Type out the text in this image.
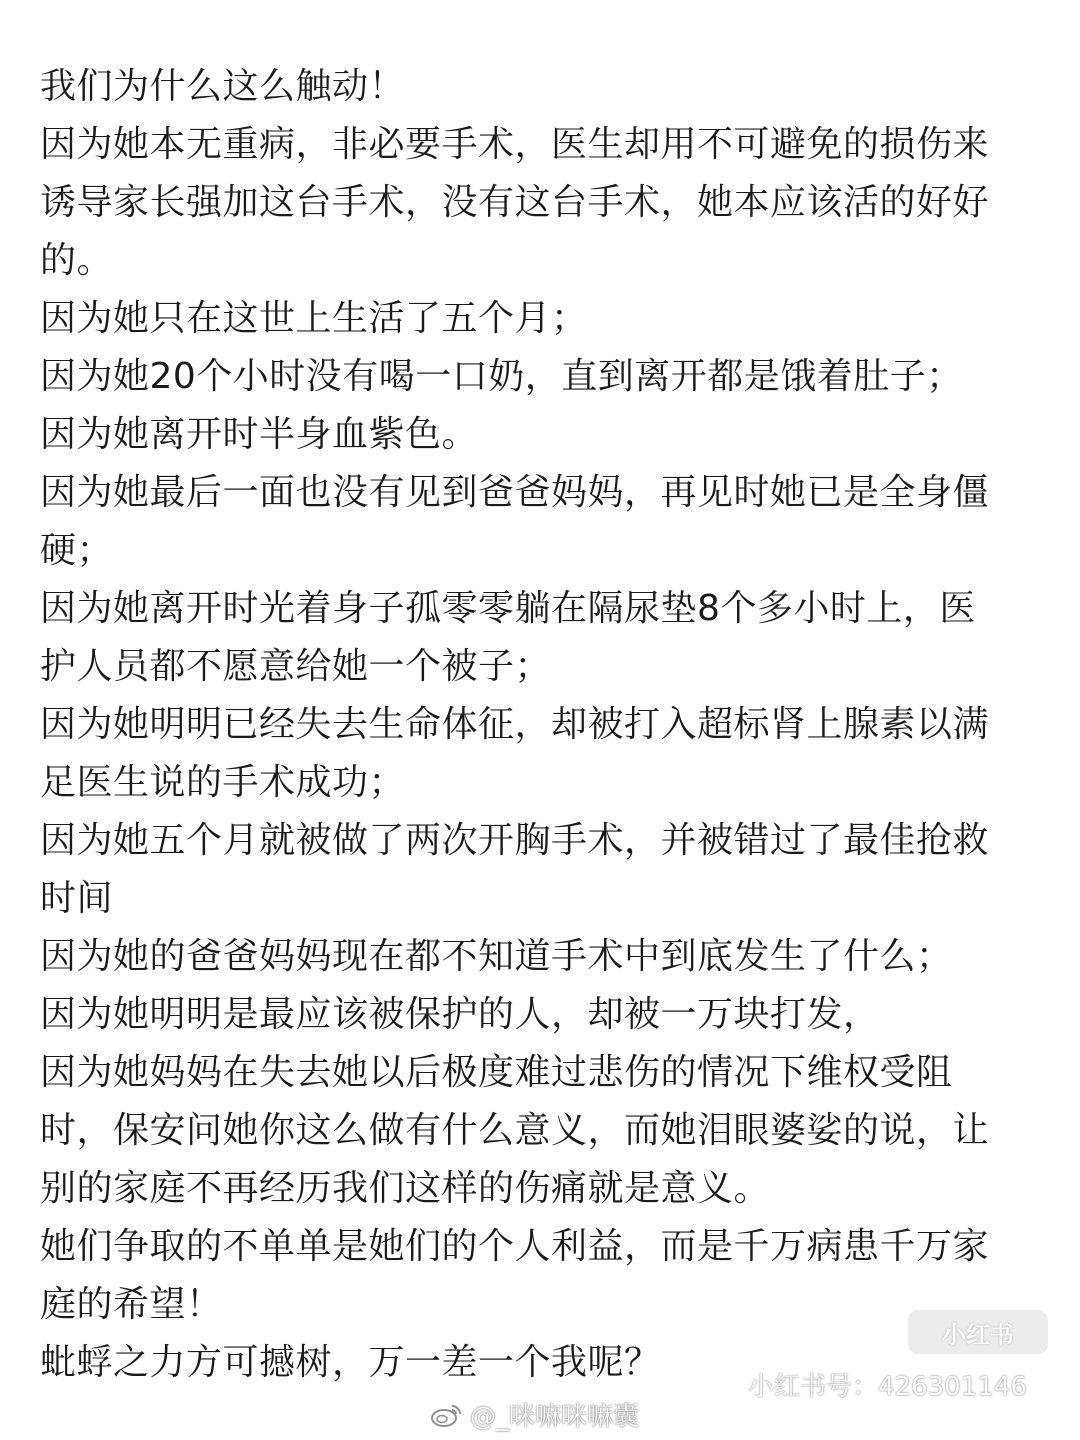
我们为什么这么触动！
因为她本无重病，非必要手术，医生却用不可避免的损伤来
诱导家长强加这台手术，没有这台手术，她本应该活的好好
的。
因为她只在这世上生活了五个月；
因为她20个小时没有喝一口奶，直到离开都是饿着肚子；
因为她离开时半身血紫色。
因为她最后一面也没有见到爸爸妈妈，再见时她已是全身僵
硬；
因为她离开时光着身子孤零零躺在隔尿垫8个多小时上，医
护人员都不愿意给她一个被子；
因为她明明已经失去生命体征，却被打入超标肾上腺素以满
足医生说的手术成功；
因为她五个月就被做了两次开胸手术，并被错过了最佳抢救
时间
因为她的爸爸妈妈现在都不知道手术中到底发生了什么；
因为她明明是最应该被保护的人，却被一万块打发，
因为她妈妈在失去她以后极度难过悲伤的情况下维权受阻
时，保安问她你这么做有什么意义，而她泪眼婆娑的说，让
别的家庭不再经历我们这样的伤痛就是意义。
她们争取的不单单是她们的个人利益，而是千万病患千万家
庭的希望！
蚍蜉之力方可撼树，万一差一个我呢？
小红书
小红书号：426301146
@_咪嘛咪嘛囊
